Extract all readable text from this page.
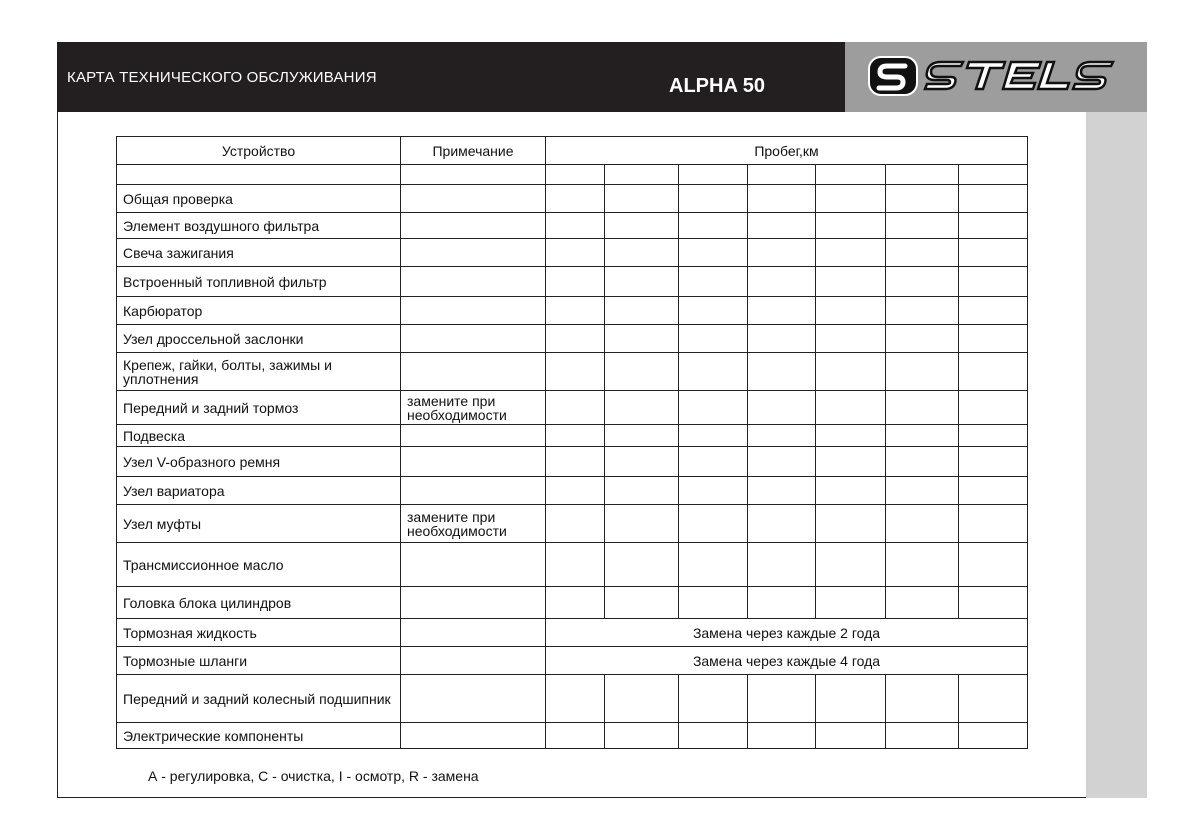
КАРТА ТЕХНИЧЕСКОГО ОБСЛУЖИВАНИЯ	ALPHA 50
Устройство	Примечание	Пробег,км						

Общая проверка								
Элемент воздушного фильтра								
Свеча зажигания								
Встроенный топливной фильтр								
Карбюратор								
Узел дроссельной заслонки								
Крепеж, гайки, болты, зажимы и уплотнения								
Передний и задний тормоз	замените при необходимости							
Подвеска								
Узел V-образного ремня								
Узел вариатора								
Узел муфты	замените при необходимости							
Трансмиссионное масло								
Головка блока цилиндров								
Тормозная жидкость		Замена через каждые 2 года						
Тормозные шланги		Замена через каждые 4 года						
Передний и задний колесный подшипник								
Электрические компоненты								
А - регулировка, С - очистка, I - осмотр, R - замена
